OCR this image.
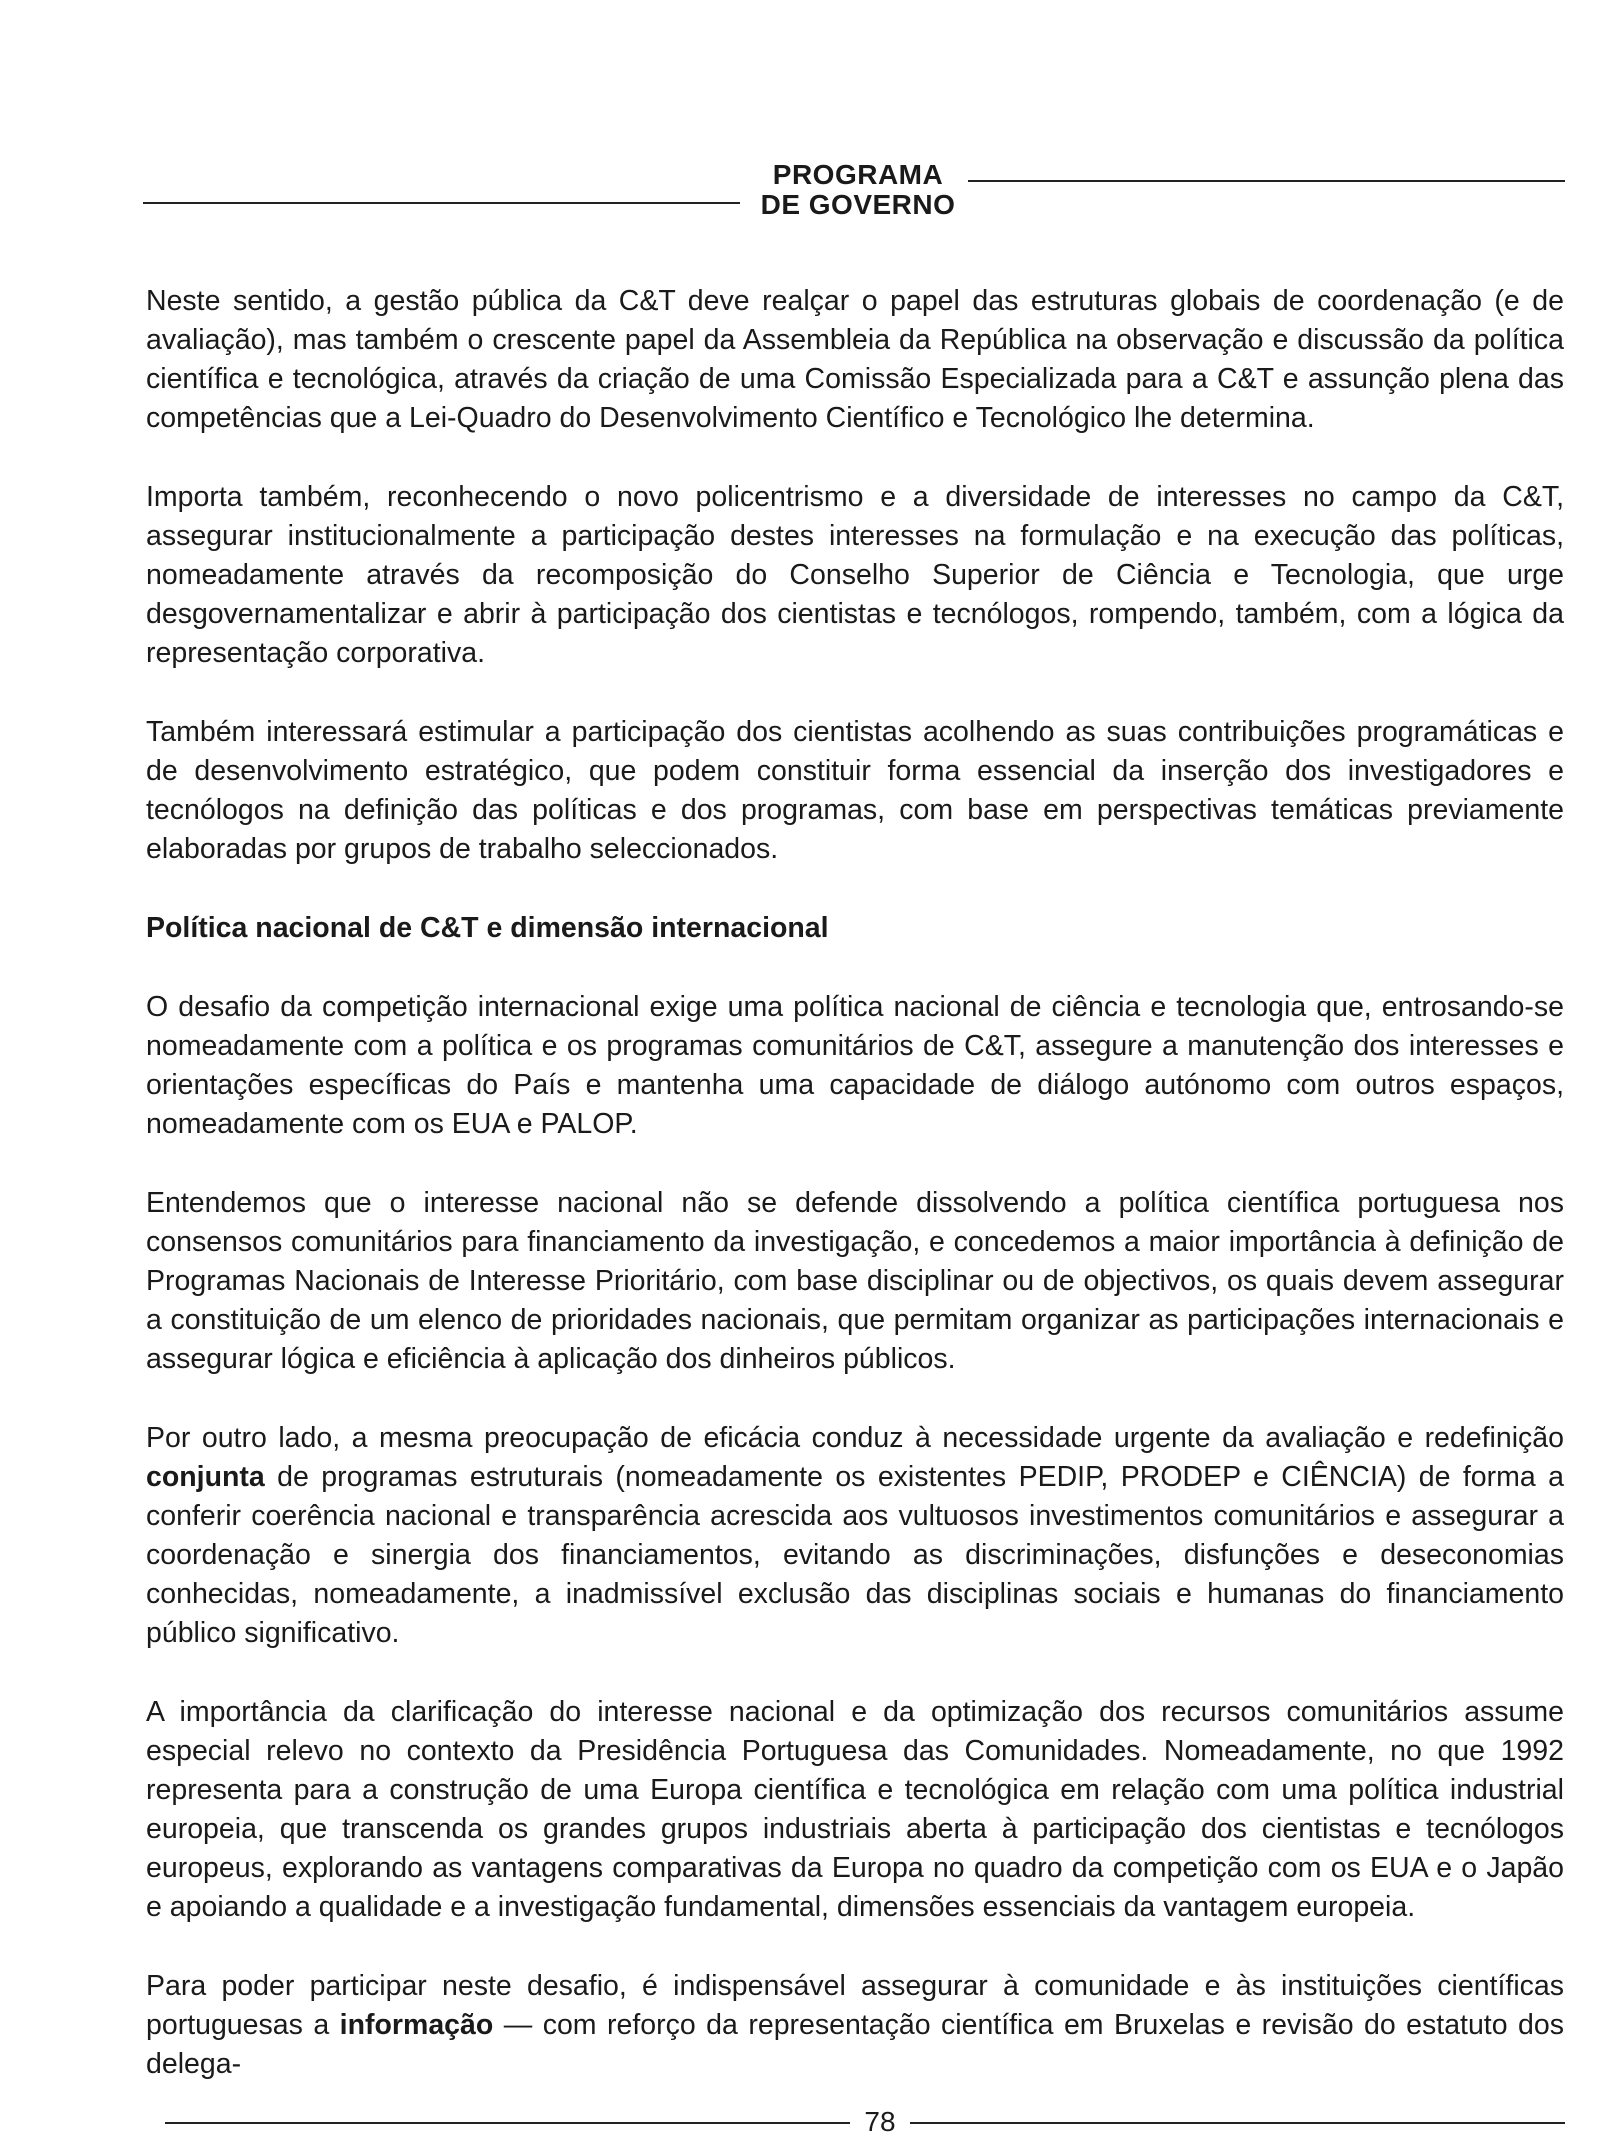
PROGRAMA
DE GOVERNO

Neste sentido, a gestão pública da C&T deve realçar o papel das estruturas globais de coordenação (e de avaliação), mas também o crescente papel da Assembleia da República na observação e discussão da política científica e tecnológica, através da criação de uma Comissão Especializada para a C&T e assunção plena das competências que a Lei-Quadro do Desenvolvimento Científico e Tecnológico lhe determina.

Importa também, reconhecendo o novo policentrismo e a diversidade de interesses no campo da C&T, assegurar institucionalmente a participação destes interesses na formulação e na execução das políticas, nomeadamente através da recomposição do Conselho Superior de Ciência e Tecnologia, que urge desgovernamentalizar e abrir à participação dos cientistas e tecnólogos, rompendo, também, com a lógica da representação corporativa.

Também interessará estimular a participação dos cientistas acolhendo as suas contribuições programáticas e de desenvolvimento estratégico, que podem constituir forma essencial da inserção dos investigadores e tecnólogos na definição das políticas e dos programas, com base em perspectivas temáticas previamente elaboradas por grupos de trabalho seleccionados.

Política nacional de C&T e dimensão internacional

O desafio da competição internacional exige uma política nacional de ciência e tecnologia que, entrosando-se nomeadamente com a política e os programas comunitários de C&T, assegure a manutenção dos interesses e orientações específicas do País e mantenha uma capacidade de diálogo autónomo com outros espaços, nomeadamente com os EUA e PALOP.

Entendemos que o interesse nacional não se defende dissolvendo a política científica portuguesa nos consensos comunitários para financiamento da investigação, e concedemos a maior importância à definição de Programas Nacionais de Interesse Prioritário, com base disciplinar ou de objectivos, os quais devem assegurar a constituição de um elenco de prioridades nacionais, que permitam organizar as participações internacionais e assegurar lógica e eficiência à aplicação dos dinheiros públicos.

Por outro lado, a mesma preocupação de eficácia conduz à necessidade urgente da avaliação e redefinição conjunta de programas estruturais (nomeadamente os existentes PEDIP, PRODEP e CIÊNCIA) de forma a conferir coerência nacional e transparência acrescida aos vultuosos investimentos comunitários e assegurar a coordenação e sinergia dos financiamentos, evitando as discriminações, disfunções e deseconomias conhecidas, nomeadamente, a inadmissível exclusão das disciplinas sociais e humanas do financiamento público significativo.

A importância da clarificação do interesse nacional e da optimização dos recursos comunitários assume especial relevo no contexto da Presidência Portuguesa das Comunidades. Nomeadamente, no que 1992 representa para a construção de uma Europa científica e tecnológica em relação com uma política industrial europeia, que transcenda os grandes grupos industriais aberta à participação dos cientistas e tecnólogos europeus, explorando as vantagens comparativas da Europa no quadro da competição com os EUA e o Japão e apoiando a qualidade e a investigação fundamental, dimensões essenciais da vantagem europeia.

Para poder participar neste desafio, é indispensável assegurar à comunidade e às instituições científicas portuguesas a informação — com reforço da representação científica em Bruxelas e revisão do estatuto dos delega-

78
